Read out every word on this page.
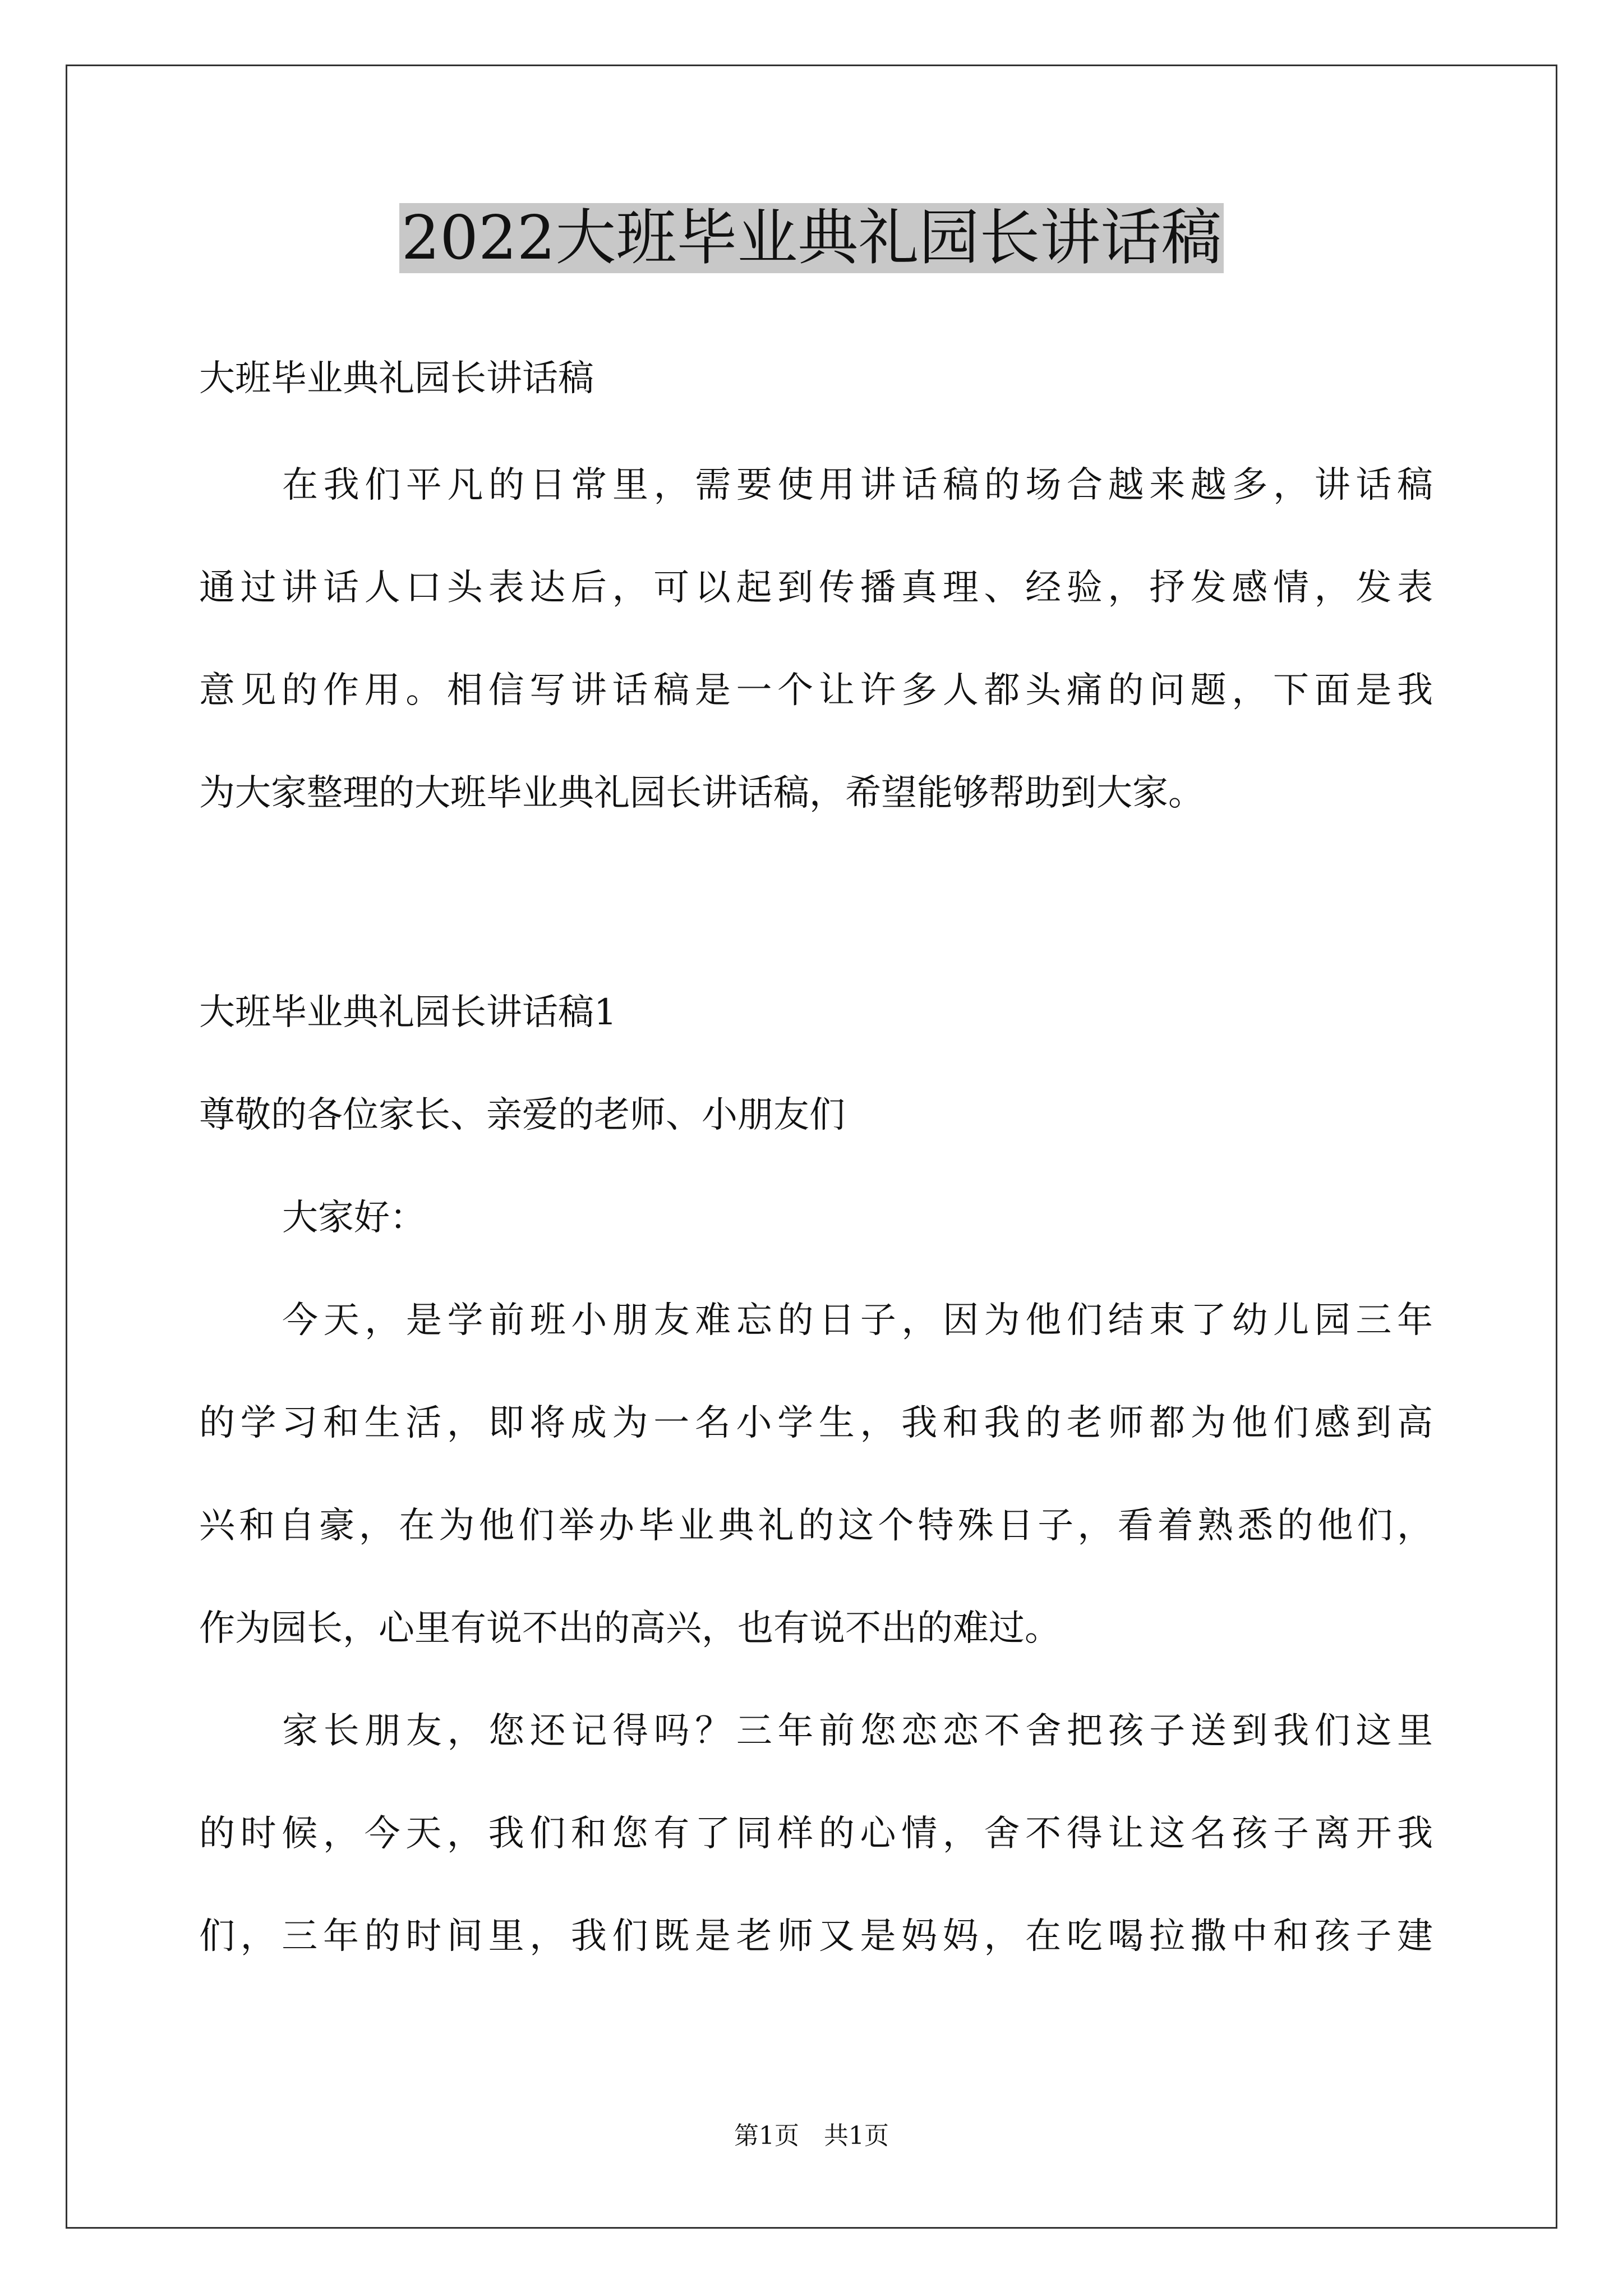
2022大班毕业典礼园长讲话稿
大班毕业典礼园长讲话稿
在我们平凡的日常里，需要使用讲话稿的场合越来越多，讲话稿
通过讲话人口头表达后，可以起到传播真理、经验，抒发感情，发表
意见的作用。相信写讲话稿是一个让许多人都头痛的问题，下面是我
为大家整理的大班毕业典礼园长讲话稿，希望能够帮助到大家。
大班毕业典礼园长讲话稿1
尊敬的各位家长、亲爱的老师、小朋友们
大家好：
今天，是学前班小朋友难忘的日子，因为他们结束了幼儿园三年
的学习和生活，即将成为一名小学生，我和我的老师都为他们感到高
兴和自豪，在为他们举办毕业典礼的这个特殊日子，看着熟悉的他们，
作为园长，心里有说不出的高兴，也有说不出的难过。
家长朋友，您还记得吗？三年前您恋恋不舍把孩子送到我们这里
的时候，今天，我们和您有了同样的心情，舍不得让这名孩子离开我
们，三年的时间里，我们既是老师又是妈妈，在吃喝拉撒中和孩子建
第1页　共1页
